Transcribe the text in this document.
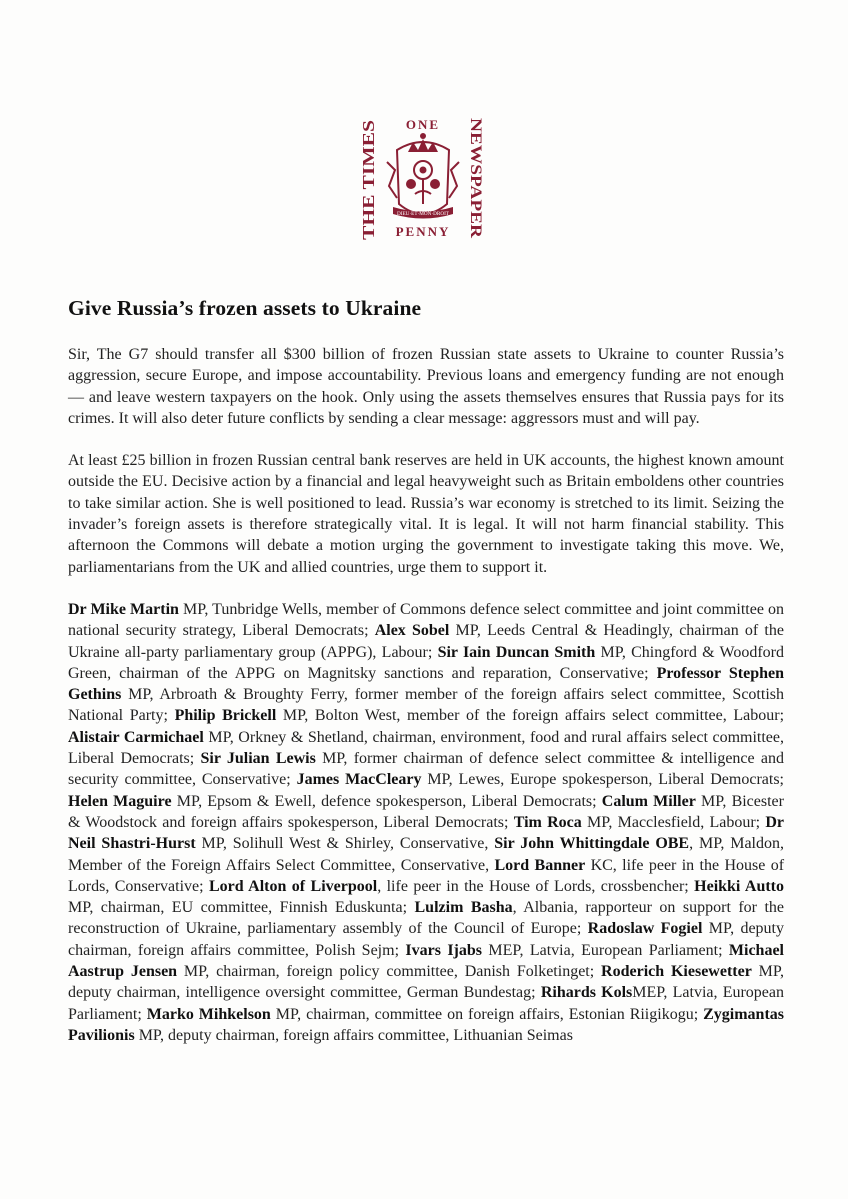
THE TIMES	NEWSPAPER
ONE
DIEU·ET·MON·DROIT
PENNY
Give Russia’s frozen assets to Ukraine

Sir, The G7 should transfer all $300 billion of frozen Russian state assets to Ukraine to counter Russia’s aggression, secure Europe, and impose accountability. Previous loans and emergency funding are not enough — and leave western taxpayers on the hook. Only using the assets themselves ensures that Russia pays for its crimes. It will also deter future conflicts by sending a clear message: aggressors must and will pay.

At least £25 billion in frozen Russian central bank reserves are held in UK accounts, the highest known amount outside the EU. Decisive action by a financial and legal heavyweight such as Britain emboldens other countries to take similar action. She is well positioned to lead. Russia’s war economy is stretched to its limit. Seizing the invader’s foreign assets is therefore strategically vital. It is legal. It will not harm financial stability. This afternoon the Commons will debate a motion urging the government to investigate taking this move. We, parliamentarians from the UK and allied countries, urge them to support it.

Dr Mike Martin MP, Tunbridge Wells, member of Commons defence select committee and joint committee on national security strategy, Liberal Democrats; Alex Sobel MP, Leeds Central & Headingly, chairman of the Ukraine all-party parliamentary group (APPG), Labour; Sir Iain Duncan Smith MP, Chingford & Woodford Green, chairman of the APPG on Magnitsky sanctions and reparation, Conservative; Professor Stephen Gethins MP, Arbroath & Broughty Ferry, former member of the foreign affairs select committee, Scottish National Party; Philip Brickell MP, Bolton West, member of the foreign affairs select committee, Labour; Alistair Carmichael MP, Orkney & Shetland, chairman, environment, food and rural affairs select committee, Liberal Democrats; Sir Julian Lewis MP, former chairman of defence select committee & intelligence and security committee, Conservative; James MacCleary MP, Lewes, Europe spokesperson, Liberal Democrats; Helen Maguire MP, Epsom & Ewell, defence spokesperson, Liberal Democrats; Calum Miller MP, Bicester & Woodstock and foreign affairs spokesperson, Liberal Democrats; Tim Roca MP, Macclesfield, Labour; Dr Neil Shastri-Hurst MP, Solihull West & Shirley, Conservative, Sir John Whittingdale OBE, MP, Maldon, Member of the Foreign Affairs Select Committee, Conservative, Lord Banner KC, life peer in the House of Lords, Conservative; Lord Alton of Liverpool, life peer in the House of Lords, crossbencher; Heikki Autto MP, chairman, EU committee, Finnish Eduskunta; Lulzim Basha, Albania, rapporteur on support for the reconstruction of Ukraine, parliamentary assembly of the Council of Europe; Radoslaw Fogiel MP, deputy chairman, foreign affairs committee, Polish Sejm; Ivars Ijabs MEP, Latvia, European Parliament; Michael Aastrup Jensen MP, chairman, foreign policy committee, Danish Folketinget; Roderich Kiesewetter MP, deputy chairman, intelligence oversight committee, German Bundestag; Rihards KolsMEP, Latvia, European Parliament; Marko Mihkelson MP, chairman, committee on foreign affairs, Estonian Riigikogu; Zygimantas Pavilionis MP, deputy chairman, foreign affairs committee, Lithuanian Seimas
